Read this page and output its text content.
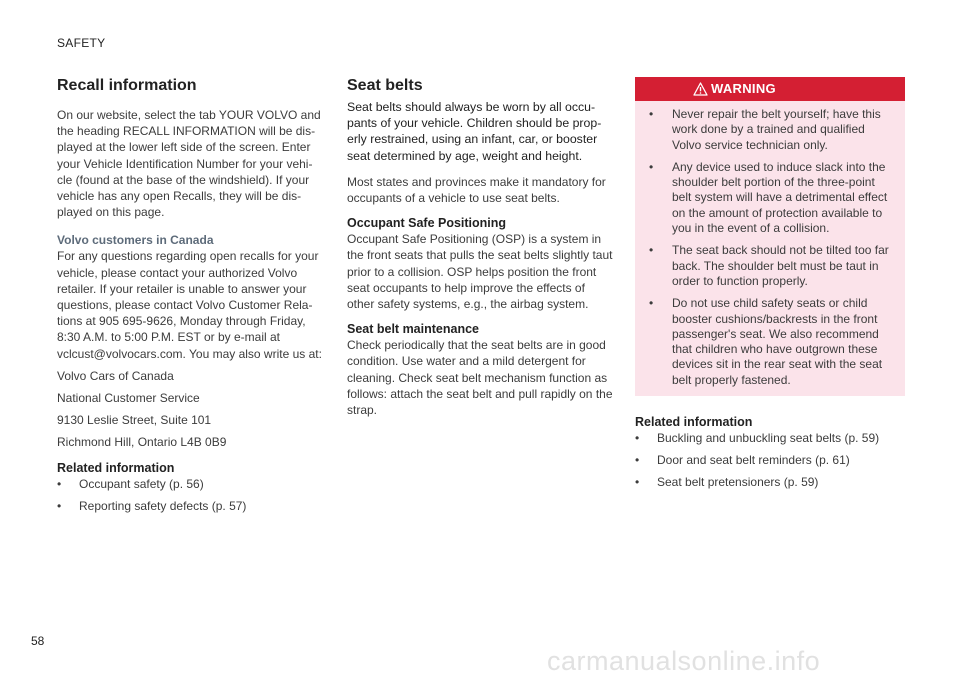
SAFETY
Recall information

On our website, select the tab YOUR VOLVO and the heading RECALL INFORMATION will be dis-played at the lower left side of the screen. Enter your Vehicle Identification Number for your vehi-cle (found at the base of the windshield). If your vehicle has any open Recalls, they will be dis-played on this page.

Volvo customers in Canada

For any questions regarding open recalls for your vehicle, please contact your authorized Volvo retailer. If your retailer is unable to answer your questions, please contact Volvo Customer Rela-tions at 905 695-9626, Monday through Friday, 8:30 A.M. to 5:00 P.M. EST or by e-mail at vclcust@volvocars.com. You may also write us at:

Volvo Cars of Canada

National Customer Service

9130 Leslie Street, Suite 101

Richmond Hill, Ontario L4B 0B9

Related information
• Occupant safety (p. 56)
• Reporting safety defects (p. 57)
Seat belts

Seat belts should always be worn by all occu-pants of your vehicle. Children should be prop-erly restrained, using an infant, car, or booster seat determined by age, weight and height.

Most states and provinces make it mandatory for occupants of a vehicle to use seat belts.

Occupant Safe Positioning

Occupant Safe Positioning (OSP) is a system in the front seats that pulls the seat belts slightly taut prior to a collision. OSP helps position the front seat occupants to help improve the effects of other safety systems, e.g., the airbag system.

Seat belt maintenance

Check periodically that the seat belts are in good condition. Use water and a mild detergent for cleaning. Check seat belt mechanism function as follows: attach the seat belt and pull rapidly on the strap.

WARNING
• Never repair the belt yourself; have this work done by a trained and qualified Volvo service technician only.
• Any device used to induce slack into the shoulder belt portion of the three-point belt system will have a detrimental effect on the amount of protection available to you in the event of a collision.
• The seat back should not be tilted too far back. The shoulder belt must be taut in order to function properly.
• Do not use child safety seats or child booster cushions/backrests in the front passenger's seat. We also recommend that children who have outgrown these devices sit in the rear seat with the seat belt properly fastened.
Related information
• Buckling and unbuckling seat belts (p. 59)
• Door and seat belt reminders (p. 61)
• Seat belt pretensioners (p. 59)
58
carmanualsonline.info
